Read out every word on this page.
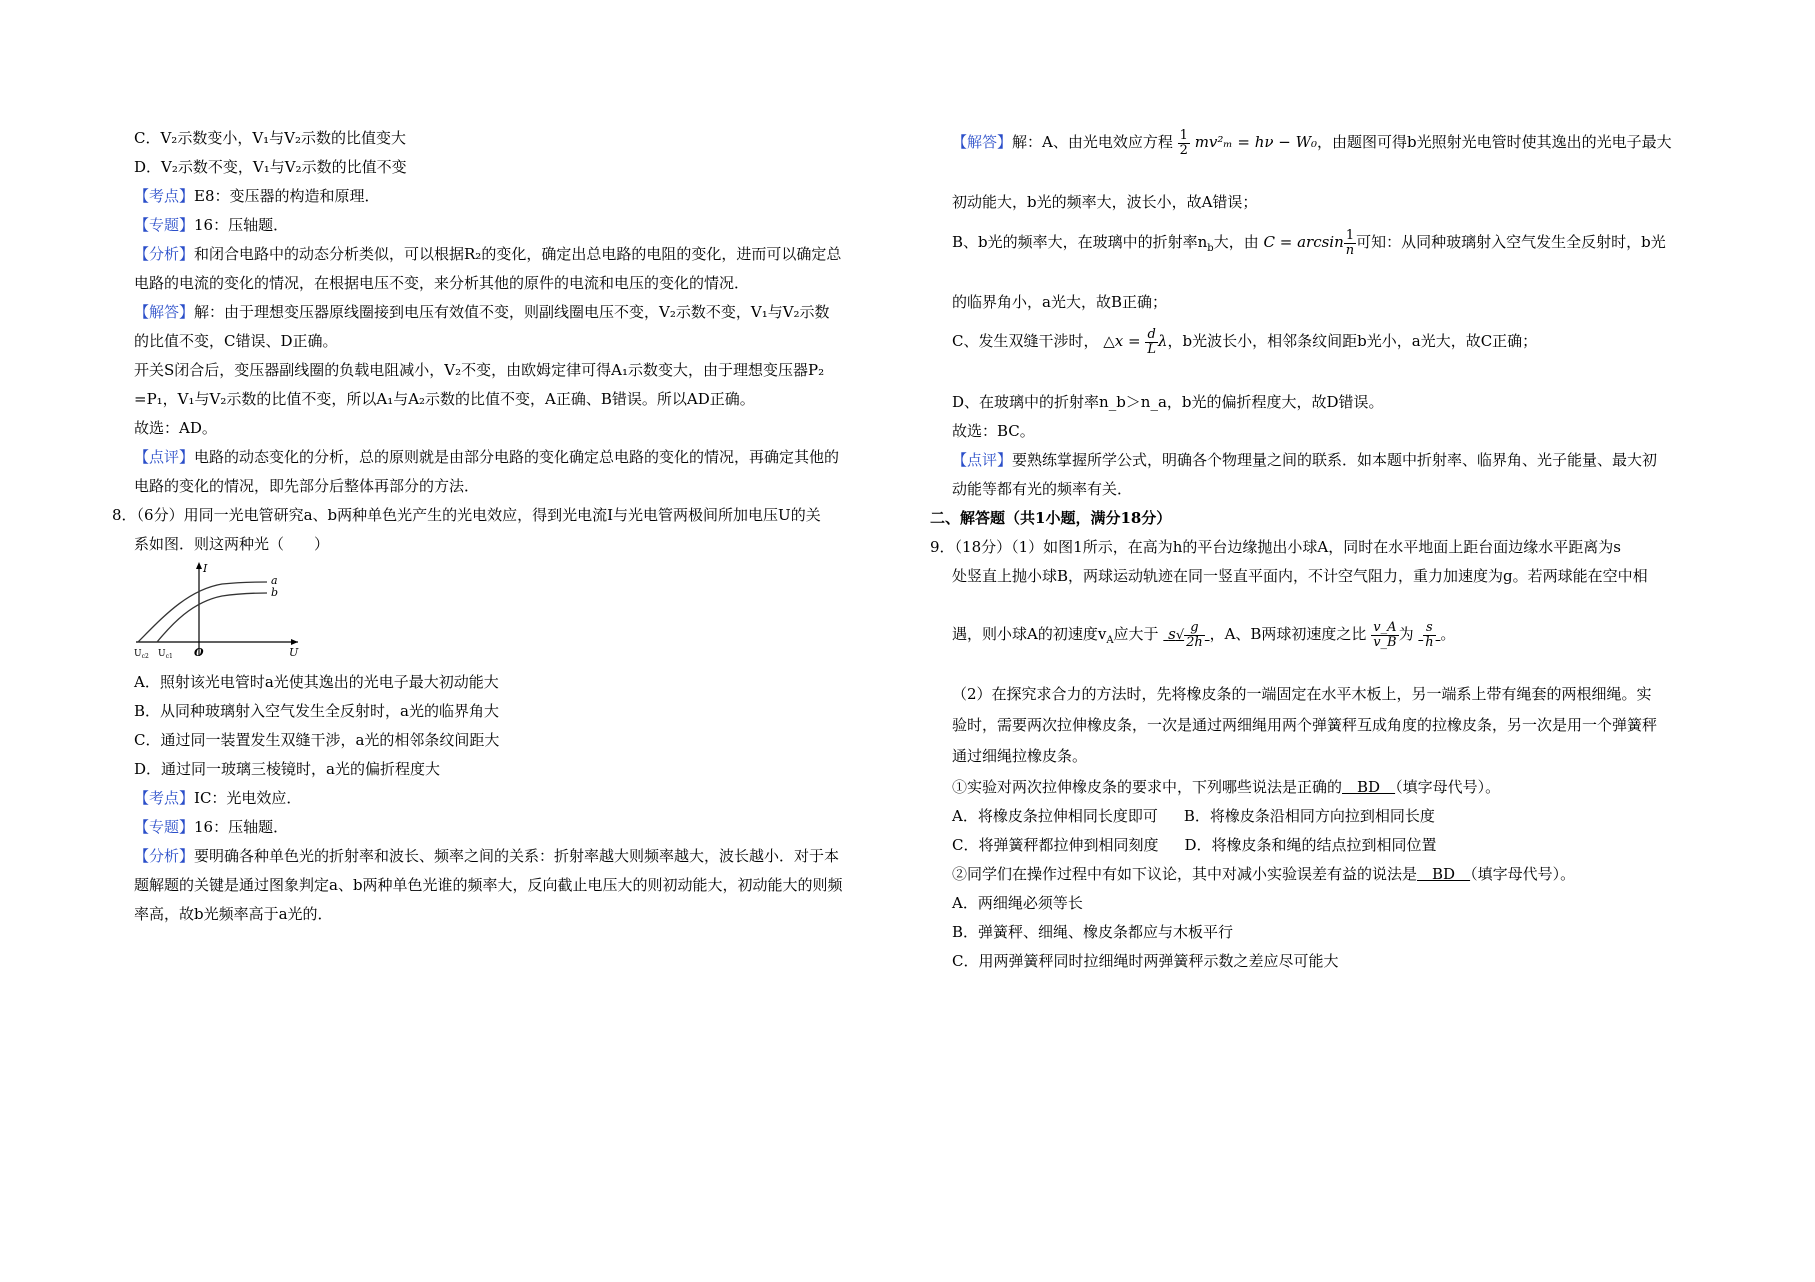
C．V₂示数变小，V₁与V₂示数的比值变大
D．V₂示数不变，V₁与V₂示数的比值不变
【考点】E8：变压器的构造和原理．
【专题】16：压轴题．
【分析】和闭合电路中的动态分析类似，可以根据R₂的变化，确定出总电路的电阻的变化，进而可以确定总
电路的电流的变化的情况，在根据电压不变，来分析其他的原件的电流和电压的变化的情况．
【解答】解：由于理想变压器原线圈接到电压有效值不变，则副线圈电压不变，V₂示数不变，V₁与V₂示数
的比值不变，C错误、D正确。
开关S闭合后，变压器副线圈的负载电阻减小，V₂不变，由欧姆定律可得A₁示数变大，由于理想变压器P₂
=P₁，V₁与V₂示数的比值不变，所以A₁与A₂示数的比值不变，A正确、B错误。所以AD正确。
故选：AD。
【点评】电路的动态变化的分析，总的原则就是由部分电路的变化确定总电路的变化的情况，再确定其他的
电路的变化的情况，即先部分后整体再部分的方法．
8．（6分）用同一光电管研究a、b两种单色光产生的光电效应，得到光电流I与光电管两极间所加电压U的关
系如图．则这两种光（　　）
I
U
O
a
b
$U_{c2}$ $U_{c1}$
A．照射该光电管时a光使其逸出的光电子最大初动能大
B．从同种玻璃射入空气发生全反射时，a光的临界角大
C．通过同一装置发生双缝干涉，a光的相邻条纹间距大
D．通过同一玻璃三棱镜时，a光的偏折程度大
【考点】IC：光电效应．
【专题】16：压轴题．
【分析】要明确各种单色光的折射率和波长、频率之间的关系：折射率越大则频率越大，波长越小．对于本
题解题的关键是通过图象判定a、b两种单色光谁的频率大，反向截止电压大的则初动能大，初动能大的则频
率高，故b光频率高于a光的．
【解答】解：A、由光电效应方程 $\frac{1}{2} mv^2_m = h\nu - W_0$，由题图可得b光照射光电管时使其逸出的光电子最大
初动能大，b光的频率大，波长小，故A错误；
B、b光的频率大，在玻璃中的折射率$n_b$大，由 $C = \arcsin \frac{1}{n}$ 可知：从同种玻璃射入空气发生全反射时，b光
的临界角小，a光大，故B正确；
C、发生双缝干涉时， △x = $\frac{d}{L}$ λ，b光波长小，相邻条纹间距b光小，a光大，故C正确；
D、在玻璃中的折射率n_b＞n_a，b光的偏折程度大，故D错误。
故选：BC。
【点评】要熟练掌握所学公式，明确各个物理量之间的联系．如本题中折射率、临界角、光子能量、最大初
动能等都有光的频率有关．
二、解答题（共1小题，满分18分）
9．（18分）（1）如图1所示，在高为h的平台边缘抛出小球A，同时在水平地面上距台面边缘水平距离为s
处竖直上抛小球B，两球运动轨迹在同一竖直平面内，不计空气阻力，重力加速度为g。若两球能在空中相
遇，则小球A的初速度$v_A$应大于 $s√ \frac{g}{2h}$ ，A、B两球初速度之比 $\frac{v\_A}{v\_B}$ 为 $\frac{s}{h}$ 。
（2）在探究求合力的方法时，先将橡皮条的一端固定在水平木板上，另一端系上带有绳套的两根细绳。实
验时，需要两次拉伸橡皮条，一次是通过两细绳用两个弹簧秤互成角度的拉橡皮条，另一次是用一个弹簧秤
通过细绳拉橡皮条。
①实验对两次拉伸橡皮条的要求中，下列哪些说法是正确的　BD　（填字母代号）。
A．将橡皮条拉伸相同长度即可 B．将橡皮条沿相同方向拉到相同长度
C．将弹簧秤都拉伸到相同刻度 D．将橡皮条和绳的结点拉到相同位置
②同学们在操作过程中有如下议论，其中对减小实验误差有益的说法是　BD　（填字母代号）。
A．两细绳必须等长
B．弹簧秤、细绳、橡皮条都应与木板平行
C．用两弹簧秤同时拉细绳时两弹簧秤示数之差应尽可能大
